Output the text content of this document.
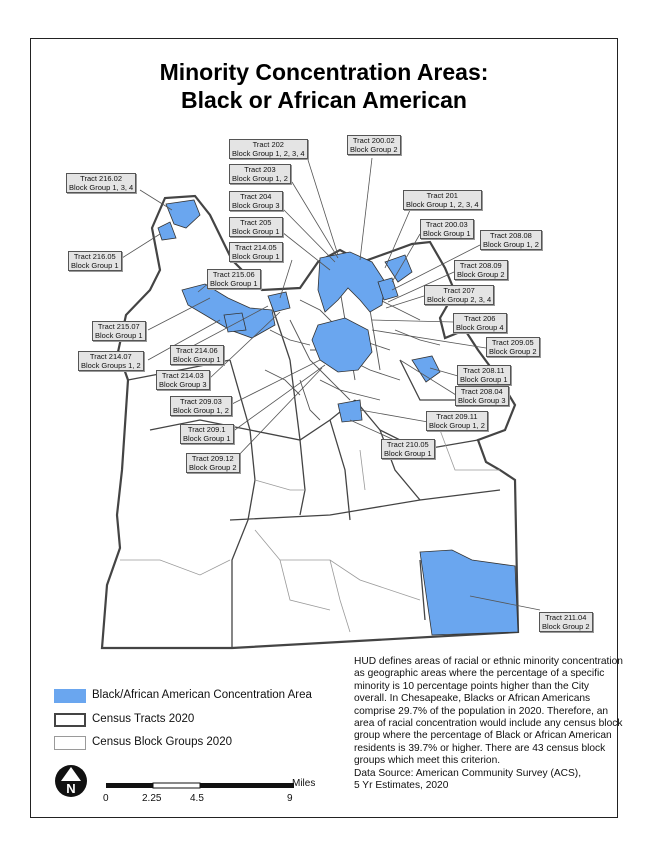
Minority Concentration Areas:
Black or African American
Tract 202
Block Group 1, 2, 3, 4
Tract 200.02
Block Group 2
Tract 203
Block Group 1, 2
Tract 216.02
Block Group 1, 3, 4
Tract 204
Block Group 3
Tract 201
Block Group 1, 2, 3, 4
Tract 205
Block Group 1
Tract 200.03
Block Group 1
Tract 214.05
Block Group 1
Tract 208.08
Block Group 1, 2
Tract 216.05
Block Group 1	Tract 208.09
Block Group 2
Tract 215.06
Block Group 1
Tract 207
Block Group 2, 3, 4
Tract 206
Block Group 4
Tract 215.07
Block Group 1
Tract 209.05
Block Group 2
Tract 214.06
Block Group 1
Tract 214.07
Block Groups 1, 2
Tract 208.11
Block Group 1
Tract 214.03
Block Group 3
Tract 208.04
Block Group 3
Tract 209.03
Block Group 1, 2
Tract 209.11
Block Group 1, 2
Tract 209.1
Block Group 1
Tract 210.05
Block Group 1
Tract 209.12
Block Group 2
Tract 211.04
Block Group 2
Black/African American Concentration Area
Census Tracts 2020
Census Block Groups 2020
N	Miles
0	2.25	4.5	9
HUD defines areas of racial or ethnic minority concentration as geographic areas where the percentage of a specific minority is 10 percentage points higher than the City overall. In Chesapeake, Blacks or African Americans comprise 29.7% of the population in 2020. Therefore, an area of racial concentration would include any census block group where the percentage of Black or African American residents is 39.7% or higher. There are 43 census block groups which meet this criterion.
Data Source: American Community Survey (ACS),
5 Yr Estimates, 2020
